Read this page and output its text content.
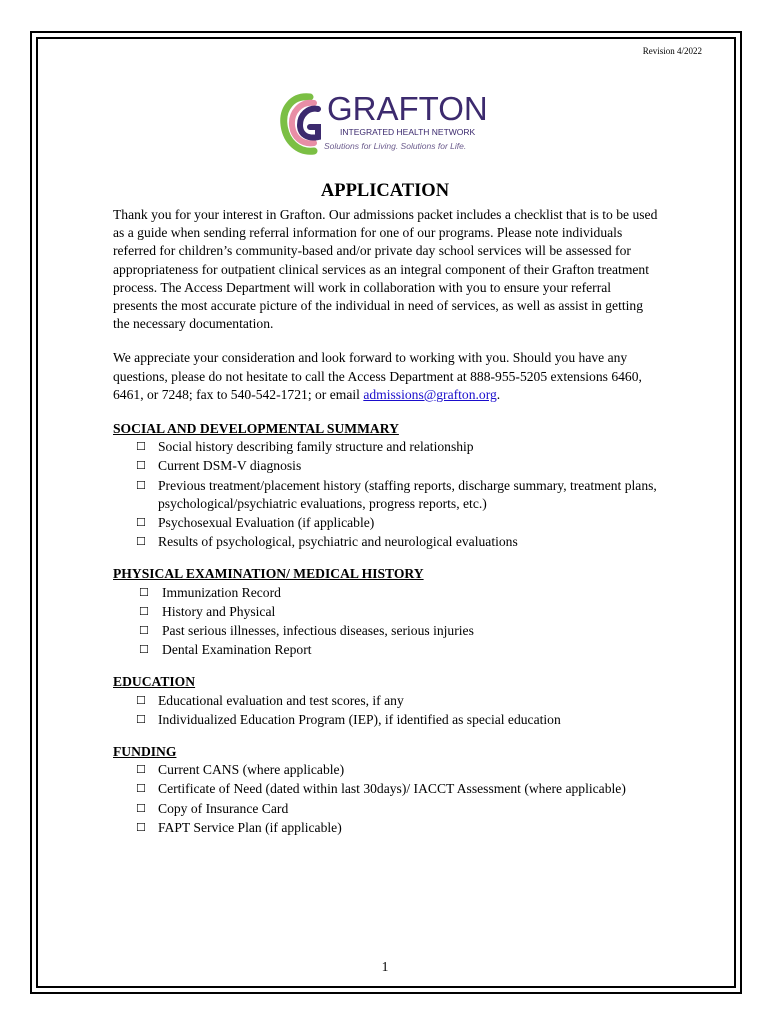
Revision 4/2022
GRAFTON
INTEGRATED HEALTH NETWORK
Solutions for Living. Solutions for Life.
APPLICATION

Thank you for your interest in Grafton. Our admissions packet includes a checklist that is to be used as a guide when sending referral information for one of our programs. Please note individuals referred for children’s community-based and/or private day school services will be assessed for appropriateness for outpatient clinical services as an integral component of their Grafton treatment process. The Access Department will work in collaboration with you to ensure your referral presents the most accurate picture of the individual in need of services, as well as assist in getting the necessary documentation.

We appreciate your consideration and look forward to working with you. Should you have any questions, please do not hesitate to call the Access Department at 888-955-5205 extensions 6460, 6461, or 7248; fax to 540-542-1721; or email admissions@grafton.org.

SOCIAL AND DEVELOPMENTAL SUMMARY
☐ Social history describing family structure and relationship
☐ Current DSM-V diagnosis
☐ Previous treatment/placement history (staffing reports, discharge summary, treatment plans, psychological/psychiatric evaluations, progress reports, etc.)
☐ Psychosexual Evaluation (if applicable)
☐ Results of psychological, psychiatric and neurological evaluations
PHYSICAL EXAMINATION/ MEDICAL HISTORY
☐ Immunization Record
☐ History and Physical
☐ Past serious illnesses, infectious diseases, serious injuries
☐ Dental Examination Report
EDUCATION
☐ Educational evaluation and test scores, if any
☐ Individualized Education Program (IEP), if identified as special education
FUNDING
☐ Current CANS (where applicable)
☐ Certificate of Need (dated within last 30days)/ IACCT Assessment (where applicable)
☐ Copy of Insurance Card
☐ FAPT Service Plan (if applicable)
1
